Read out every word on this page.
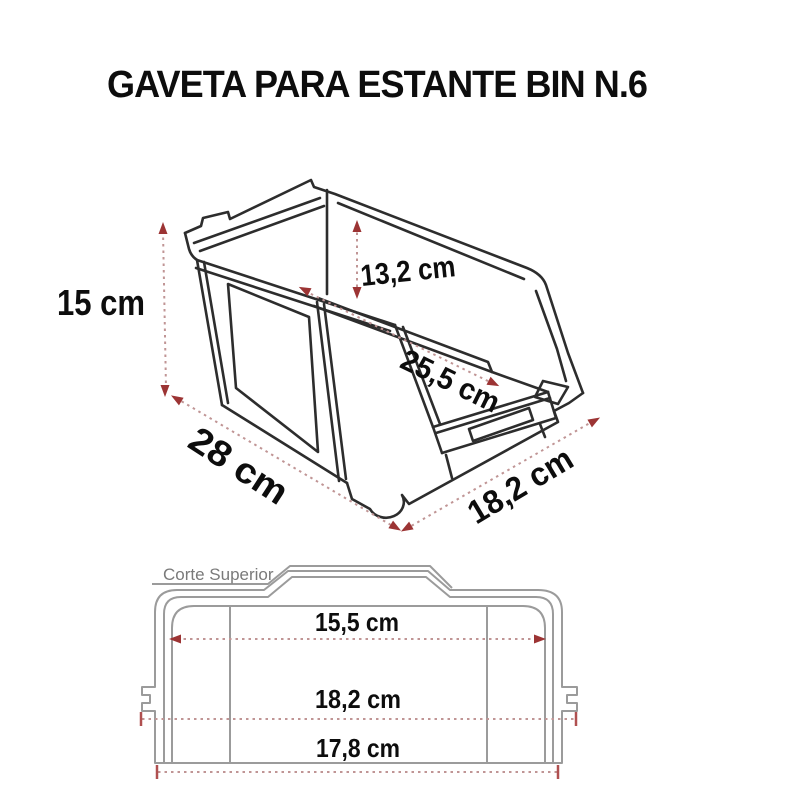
GAVETA PARA ESTANTE BIN N.6
15 cm
13,2 cm
25,5 cm
28 cm	18,2 cm
Corte Superior
15,5 cm
18,2 cm
17,8 cm
